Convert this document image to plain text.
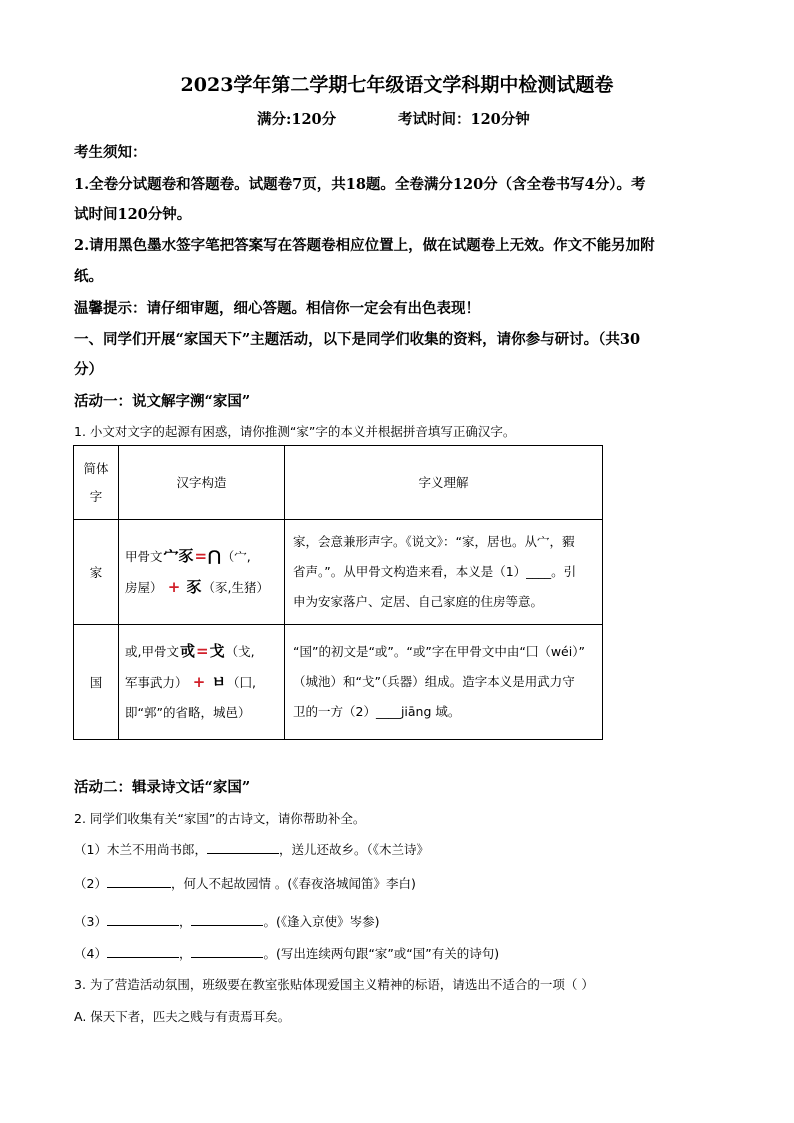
2023学年第二学期七年级语文学科期中检测试题卷
满分:120分	考试时间：120分钟
考生须知：
1.全卷分试题卷和答题卷。试题卷7页，共18题。全卷满分120分（含全卷书写4分）。考
试时间120分钟。
2.请用黑色墨水签字笔把答案写在答题卷相应位置上，做在试题卷上无效。作文不能另加附
纸。
温馨提示：请仔细审题，细心答题。相信你一定会有出色表现！
一、同学们开展“家国天下”主题活动，以下是同学们收集的资料，请你参与研讨。（共30
分）
活动一：说文解字溯“家国”
1. 小文对文字的起源有困惑，请你推测“家”字的本义并根据拼音填写正确汉字。
简体
字	汉字构造	字义理解
家	甲骨文宀豕=⋂（宀,
房屋） + 豕（豕,生猪）	家，会意兼形声字。《说文》：“家，居也。从宀，豭
省声。”。从甲骨文构造来看，本义是（1）____。引
申为安家落户、定居、自己家庭的住房等意。
国	或,甲骨文戓=戈（戈,
军事武力） + ㅂ（囗,
即“郭”的省略，城邑）	“国”的初文是“或”。“或”字在甲骨文中由“囗（wéi）”
（城池）和“戈”（兵器）组成。造字本义是用武力守
卫的一方（2）____jiāng 域。
活动二：辑录诗文话“家国”
2. 同学们收集有关“家国”的古诗文，请你帮助补全。
（1）木兰不用尚书郎，	，送儿还故乡。（《木兰诗》
（2）	，何人不起故园情 。(《春夜洛城闻笛》李白)
（3）	，	。(《逢入京使》岑参)
（4）	，	。(写出连续两句跟“家”或“国”有关的诗句)
3. 为了营造活动氛围，班级要在教室张贴体现爱国主义精神的标语，请选出不适合的一项（ ）
A. 保天下者，匹夫之贱与有责焉耳矣。
